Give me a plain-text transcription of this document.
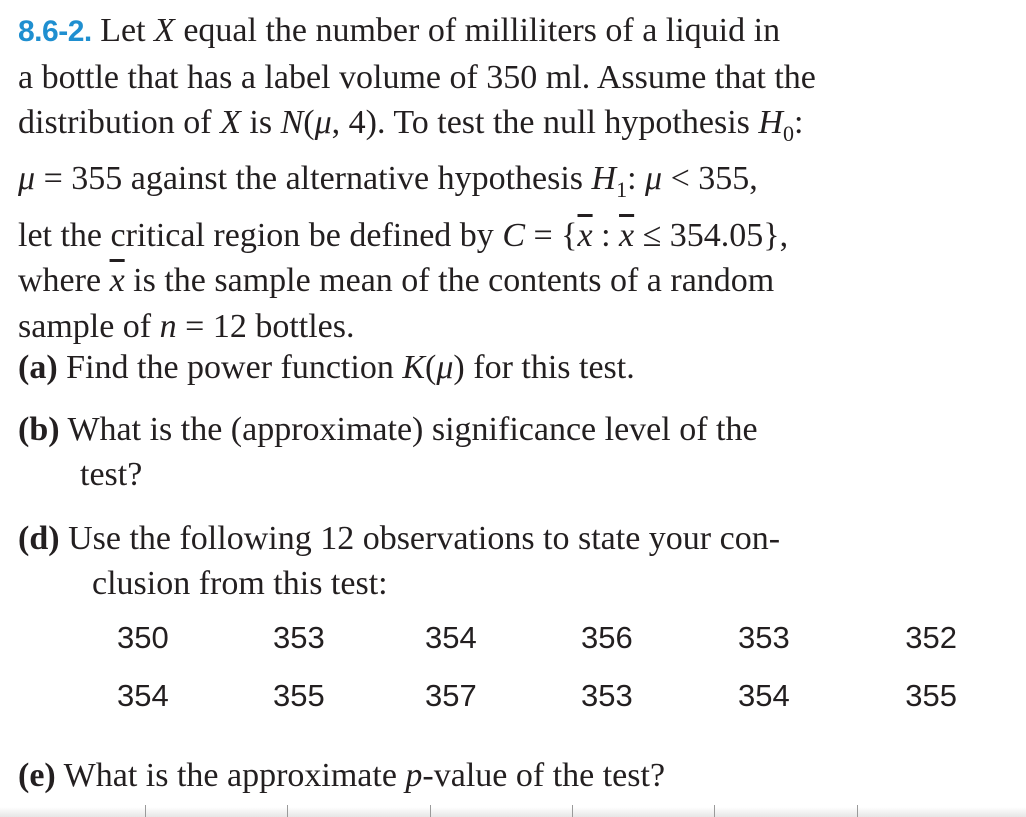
8.6-2. Let X equal the number of milliliters of a liquid in
a bottle that has a label volume of 350 ml. Assume that the
distribution of X is N(μ, 4). To test the null hypothesis $H_0$:
μ = 355 against the alternative hypothesis $H_1$: μ < 355,
let the critical region be defined by $C = \{\overline{x}$ : $\overline{x} \le 354.05$},
where $\overline{x}$ is the sample mean of the contents of a random
sample of n = 12 bottles.

(a) Find the power function K(μ) for this test.

(b) What is the (approximate) significance level of the
test?

(d) Use the following 12 observations to state your con-
clusion from this test:

(e) What is the approximate p-value of the test?

350	353	354	356	353	352
354	355	357	353	354	355
